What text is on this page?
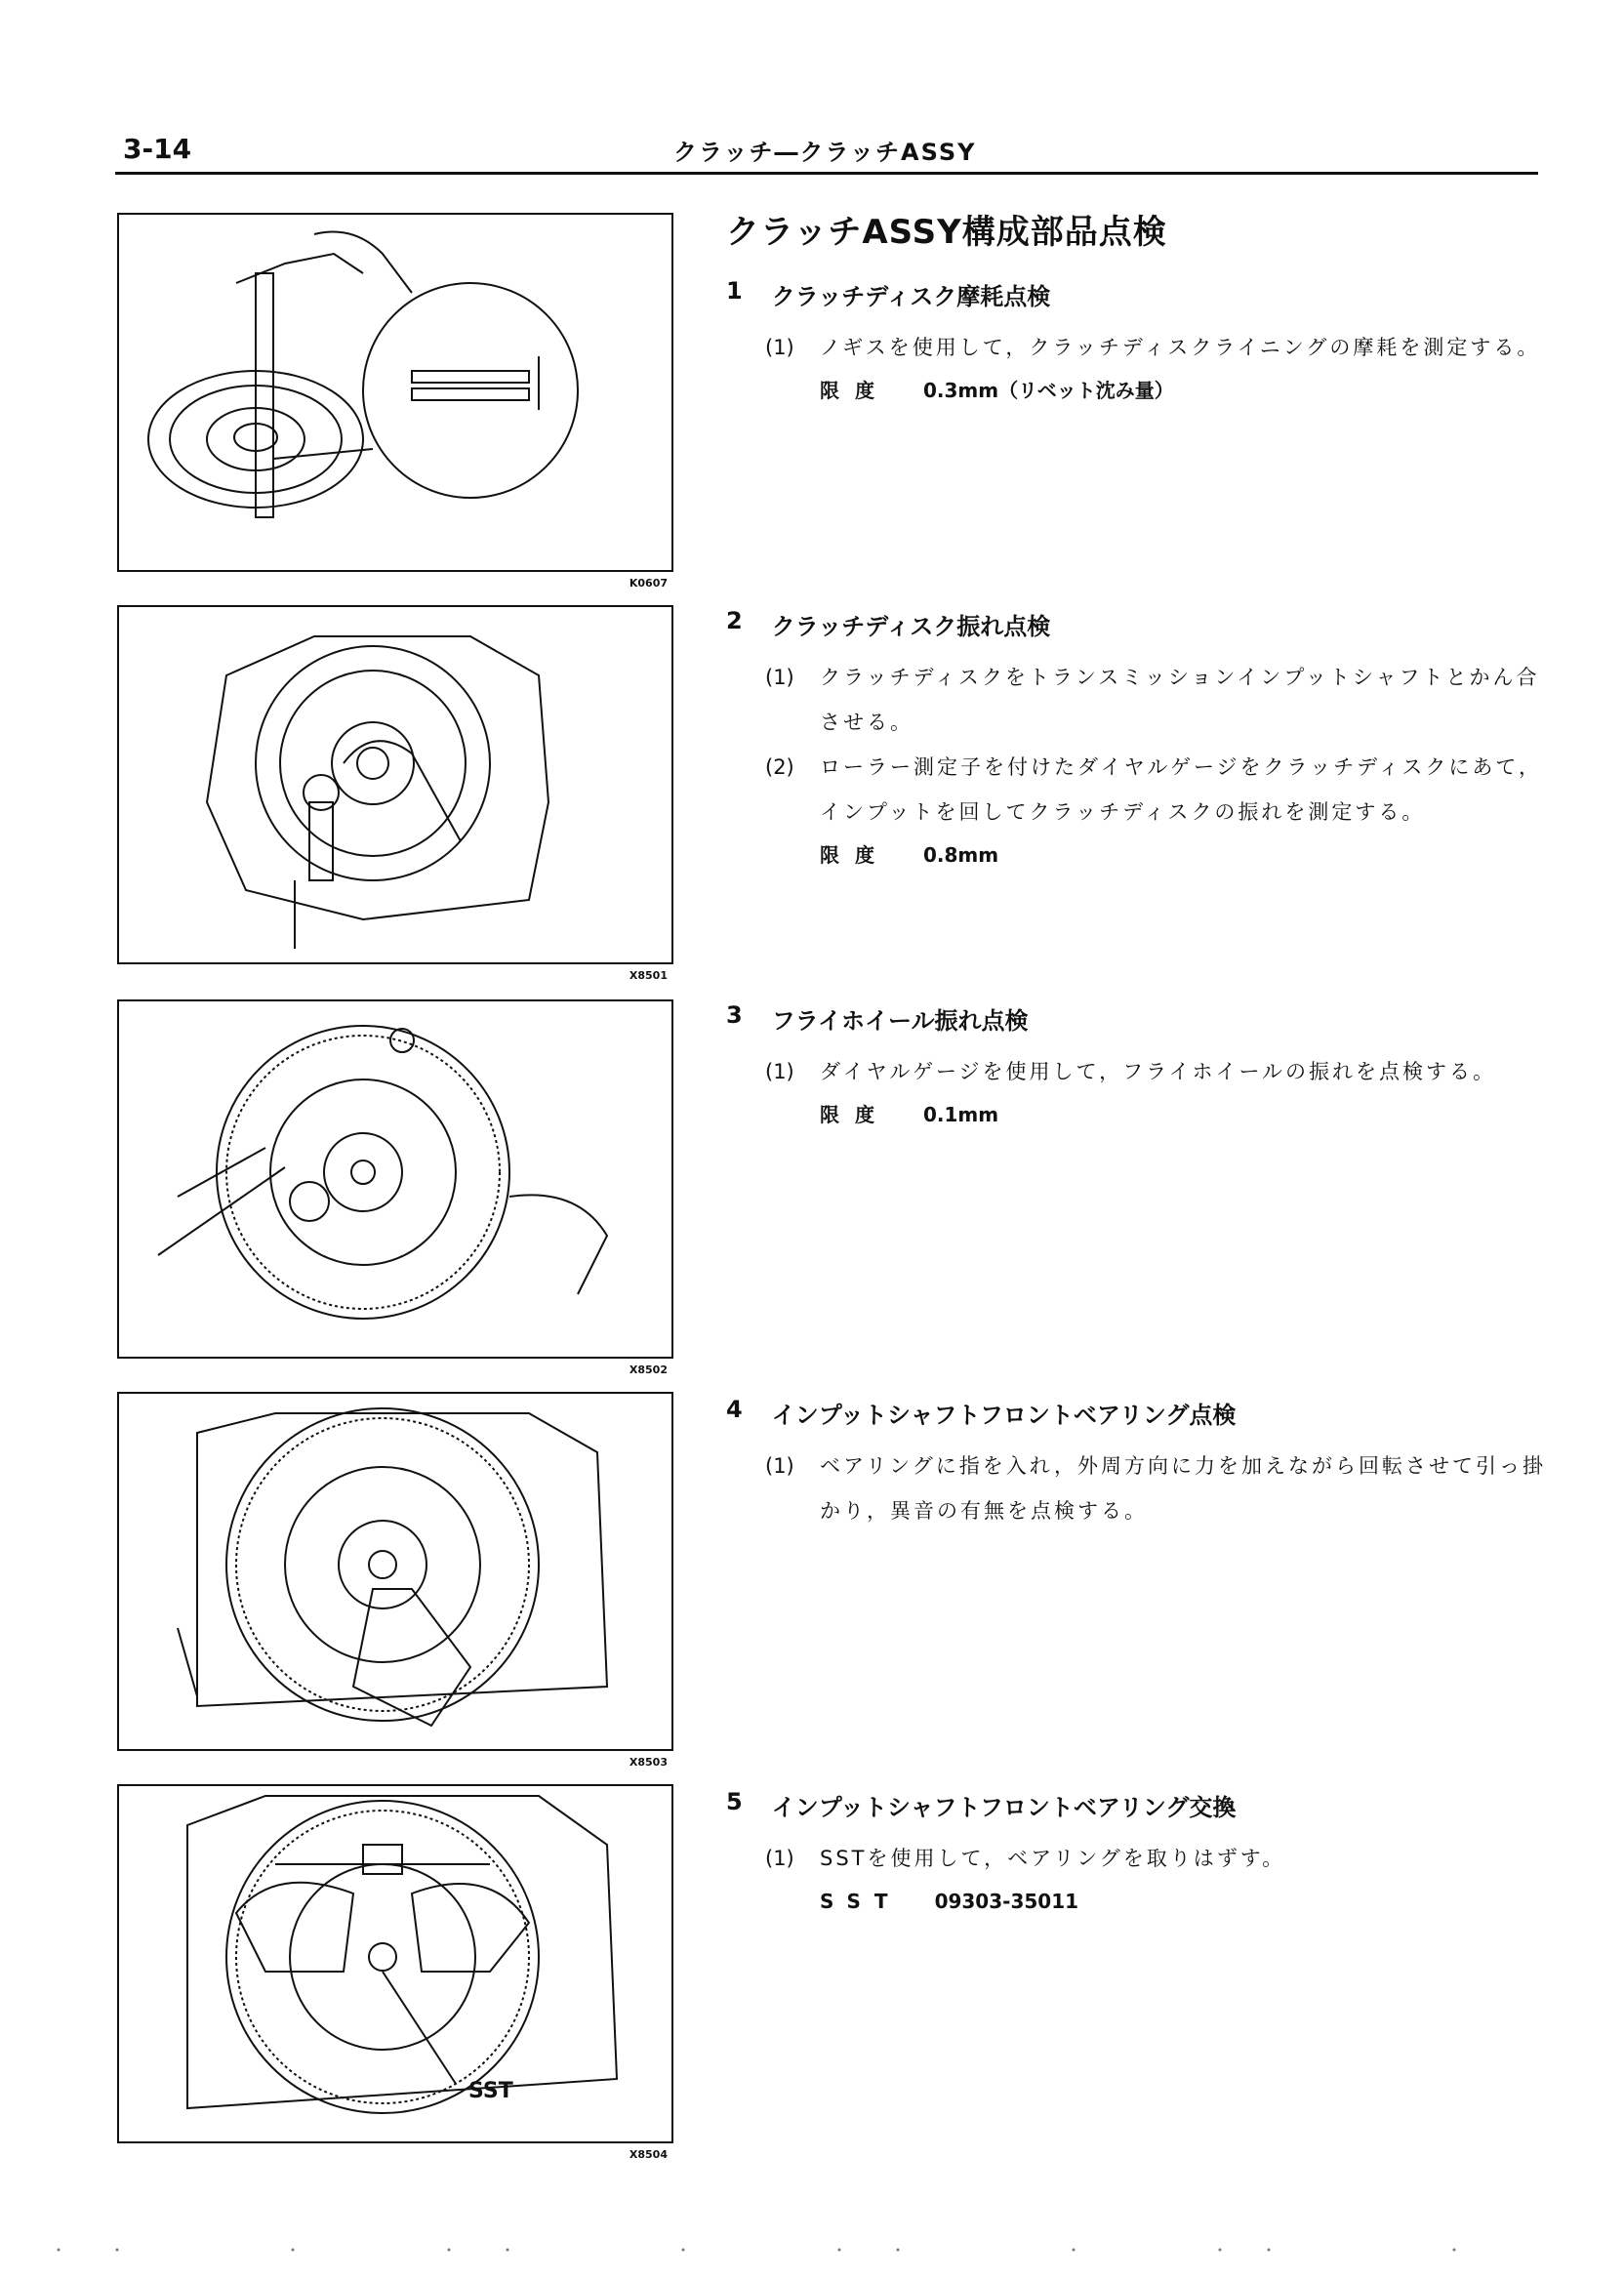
3-14	クラッチ―クラッチASSY
K0607
X8501
X8502
X8503
SST
X8504
クラッチASSY構成部品点検
1 クラッチディスク摩耗点検
(1)	ノギスを使用して，クラッチディスクライニングの摩耗を測定する。
限度 0.3mm（リベット沈み量）
2 クラッチディスク振れ点検
(1)	クラッチディスクをトランスミッションインプットシャフトとかん合させる。
(2)	ローラー測定子を付けたダイヤルゲージをクラッチディスクにあて，インプットを回してクラッチディスクの振れを測定する。
限度 0.8mm
3 フライホイール振れ点検
(1)	ダイヤルゲージを使用して，フライホイールの振れを点検する。
限度 0.1mm
4 インプットシャフトフロントベアリング点検
(1)	ベアリングに指を入れ，外周方向に力を加えながら回転させて引っ掛かり，異音の有無を点検する。
5 インプットシャフトフロントベアリング交換
(1)	SSTを使用して，ベアリングを取りはずす。
SST 09303-35011
